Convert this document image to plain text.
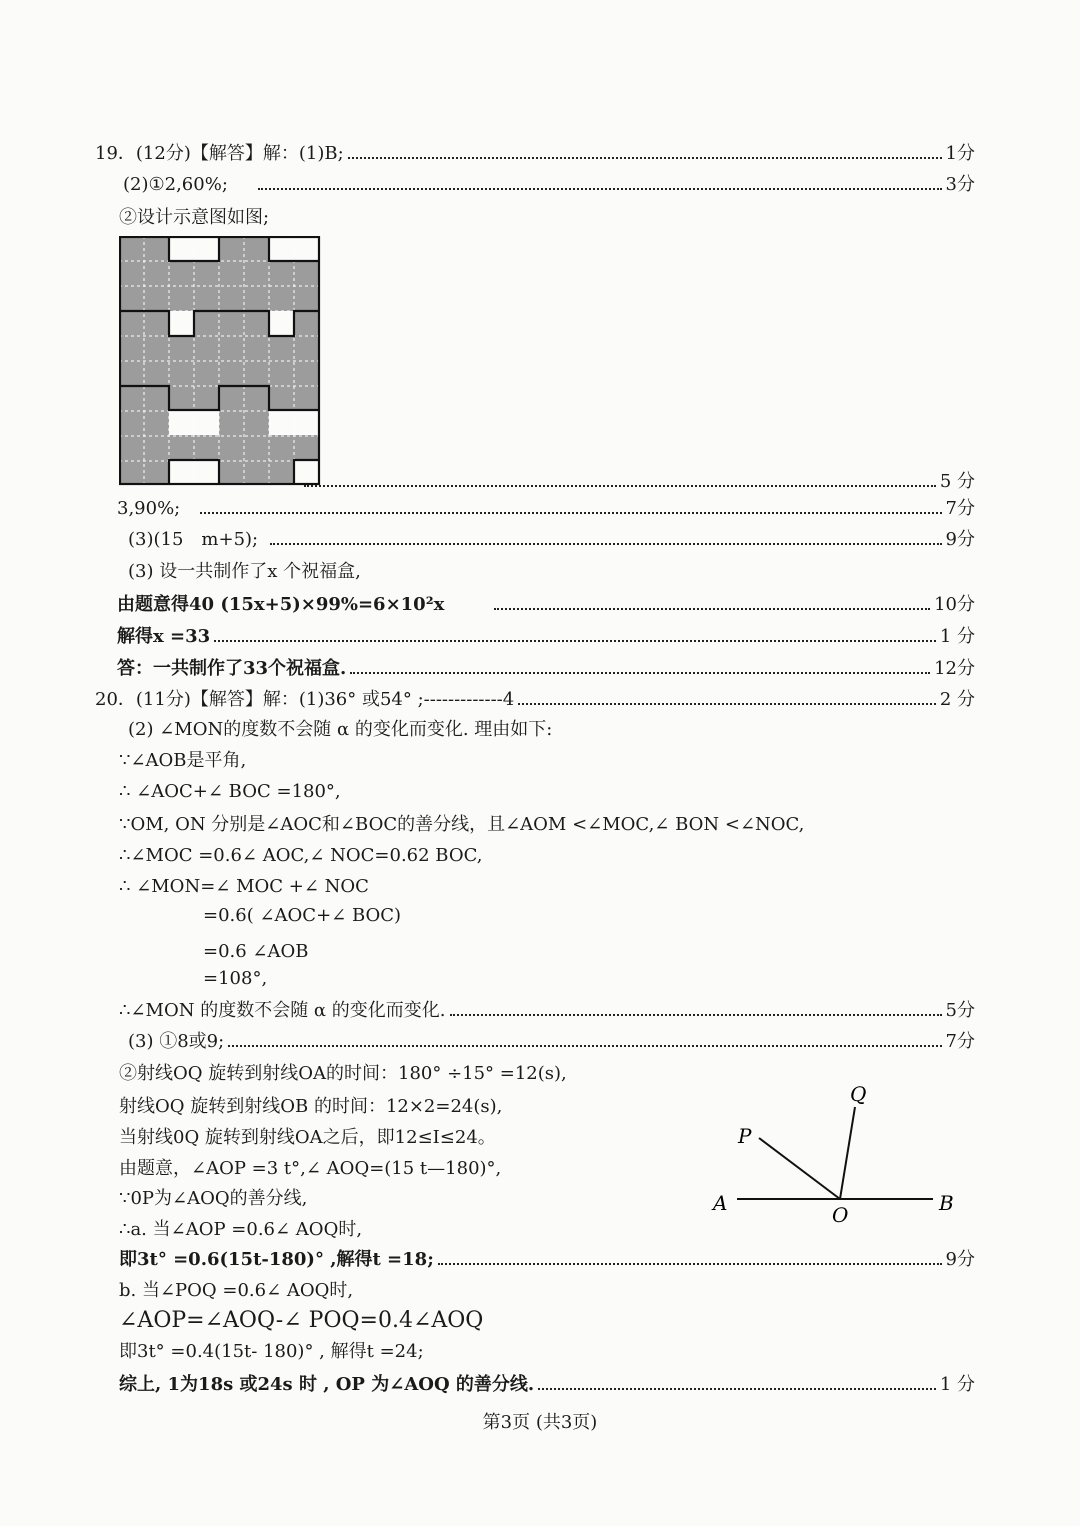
19．(12分)【解答】解：(1)B;	1分
(2)①2,60%;	3分
②设计示意图如图;
5 分
3,90%;	7分
(3)(15　m+5);	9分
(3) 设一共制作了x 个祝福盒,
由题意得40 (15x+5)×99%=6×10²x	10分
解得x =33	1 分
答：一共制作了33个祝福盒.	12分
20．(11分)【解答】解：(1)36° 或54° ;-------------4	2 分
(2) ∠MON的度数不会随 α 的变化而变化. 理由如下:
∵∠AOB是平角,
∴ ∠AOC+∠ BOC =180°,
∵OM, ON 分别是∠AOC和∠BOC的善分线，且∠AOM <∠MOC,∠ BON <∠NOC,
∴∠MOC =0.6∠ AOC,∠ NOC=0.62 BOC,
∴ ∠MON=∠ MOC +∠ NOC
=0.6( ∠AOC+∠ BOC)
=0.6 ∠AOB
=108°,
∴∠MON 的度数不会随 α 的变化而变化.	5分
(3) ①8或9;	7分
②射线OQ 旋转到射线OA的时间：180° ÷15° =12(s),
射线OQ 旋转到射线OB 的时间：12×2=24(s),
当射线0Q 旋转到射线OA之后，即12≤I≤24。
由题意，∠AOP =3 t°,∠ AOQ=(15 t—180)°,
∵0P为∠AOQ的善分线,
∴a. 当∠AOP =0.6∠ AOQ时,
即3t° =0.6(15t-180)° ,解得t =18;	9分
b. 当∠POQ =0.6∠ AOQ时,
∠AOP=∠AOQ-∠ POQ=0.4∠AOQ
即3t° =0.4(15t- 180)° , 解得t =24;
综上, 1为18s 或24s 时 , OP 为∠AOQ 的善分线.	1 分
Q
P
A	O	B
第3页 (共3页)
